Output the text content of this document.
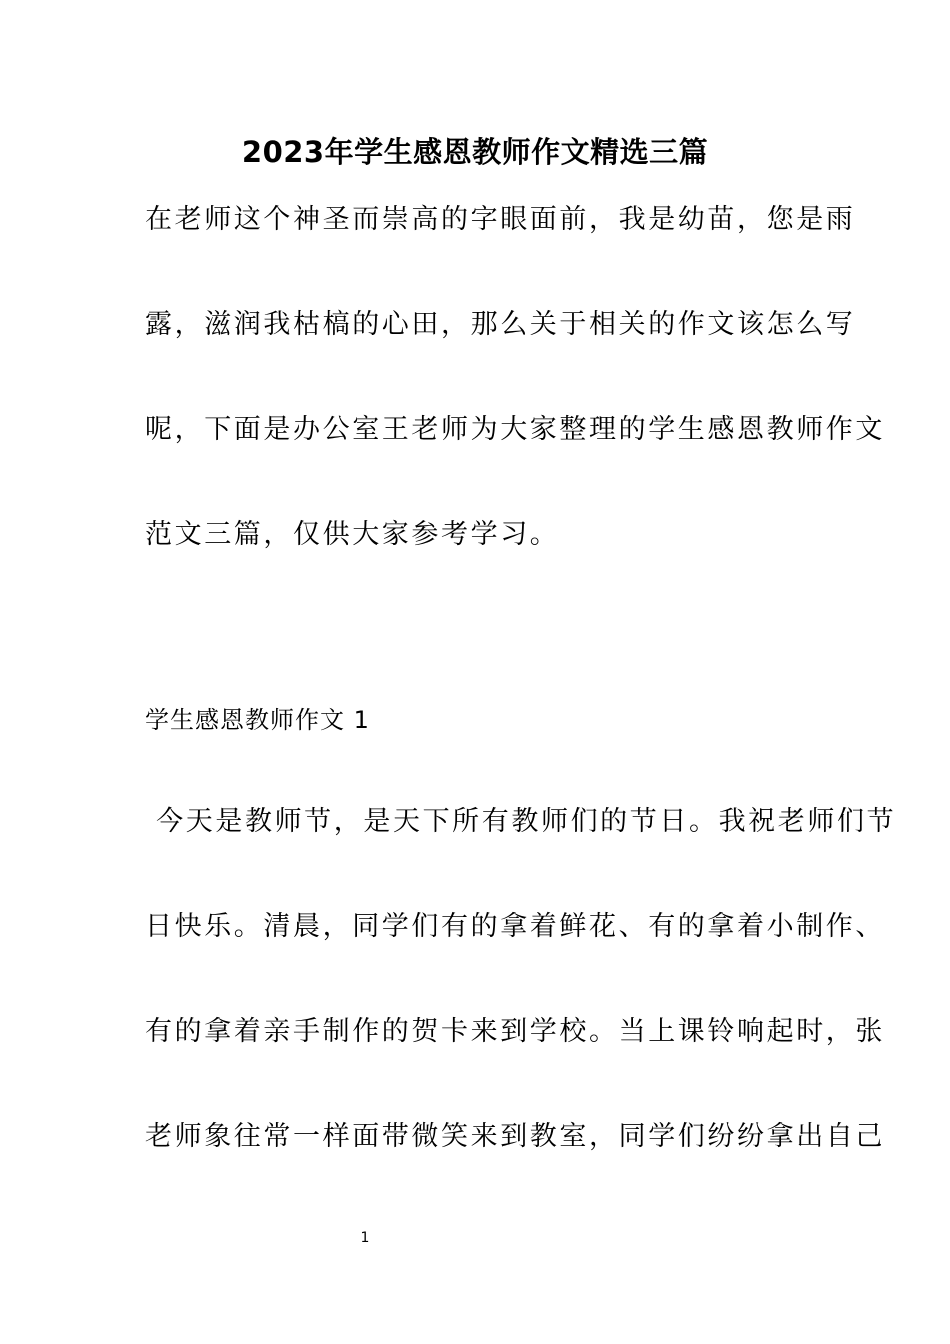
2023年学生感恩教师作文精选三篇
在老师这个神圣而崇高的字眼面前，我是幼苗，您是雨
露，滋润我枯槁的心田，那么关于相关的作文该怎么写
呢，下面是办公室王老师为大家整理的学生感恩教师作文
范文三篇，仅供大家参考学习。
学生感恩教师作文 1
今天是教师节，是天下所有教师们的节日。我祝老师们节
日快乐。清晨，同学们有的拿着鲜花、有的拿着小制作、
有的拿着亲手制作的贺卡来到学校。当上课铃响起时，张
老师象往常一样面带微笑来到教室，同学们纷纷拿出自己
1
